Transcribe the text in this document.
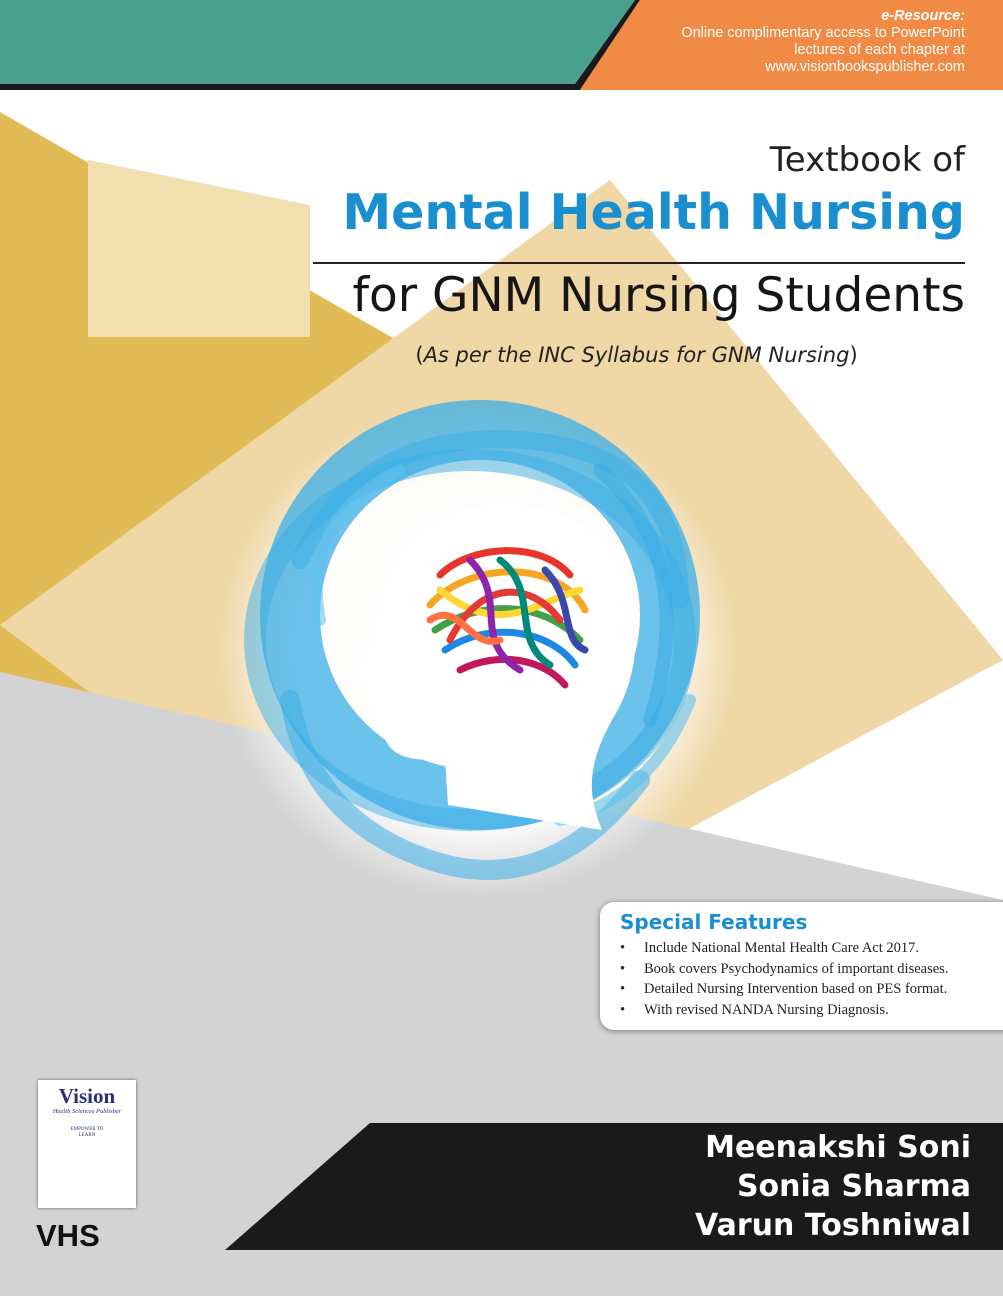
e-Resource:
Online complimentary access to PowerPoint
lectures of each chapter at
www.visionbookspublisher.com
Textbook of
Mental Health Nursing
for GNM Nursing Students
(As per the INC Syllabus for GNM Nursing)
Special Features
• Include National Mental Health Care Act 2017.
• Book covers Psychodynamics of important diseases.
• Detailed Nursing Intervention based on PES format.
• With revised NANDA Nursing Diagnosis.
Meenakshi Soni
Sonia Sharma
Varun Toshniwal
Vision
Health Sciences Publisher
EMPOWER TO LEARN
VHS
